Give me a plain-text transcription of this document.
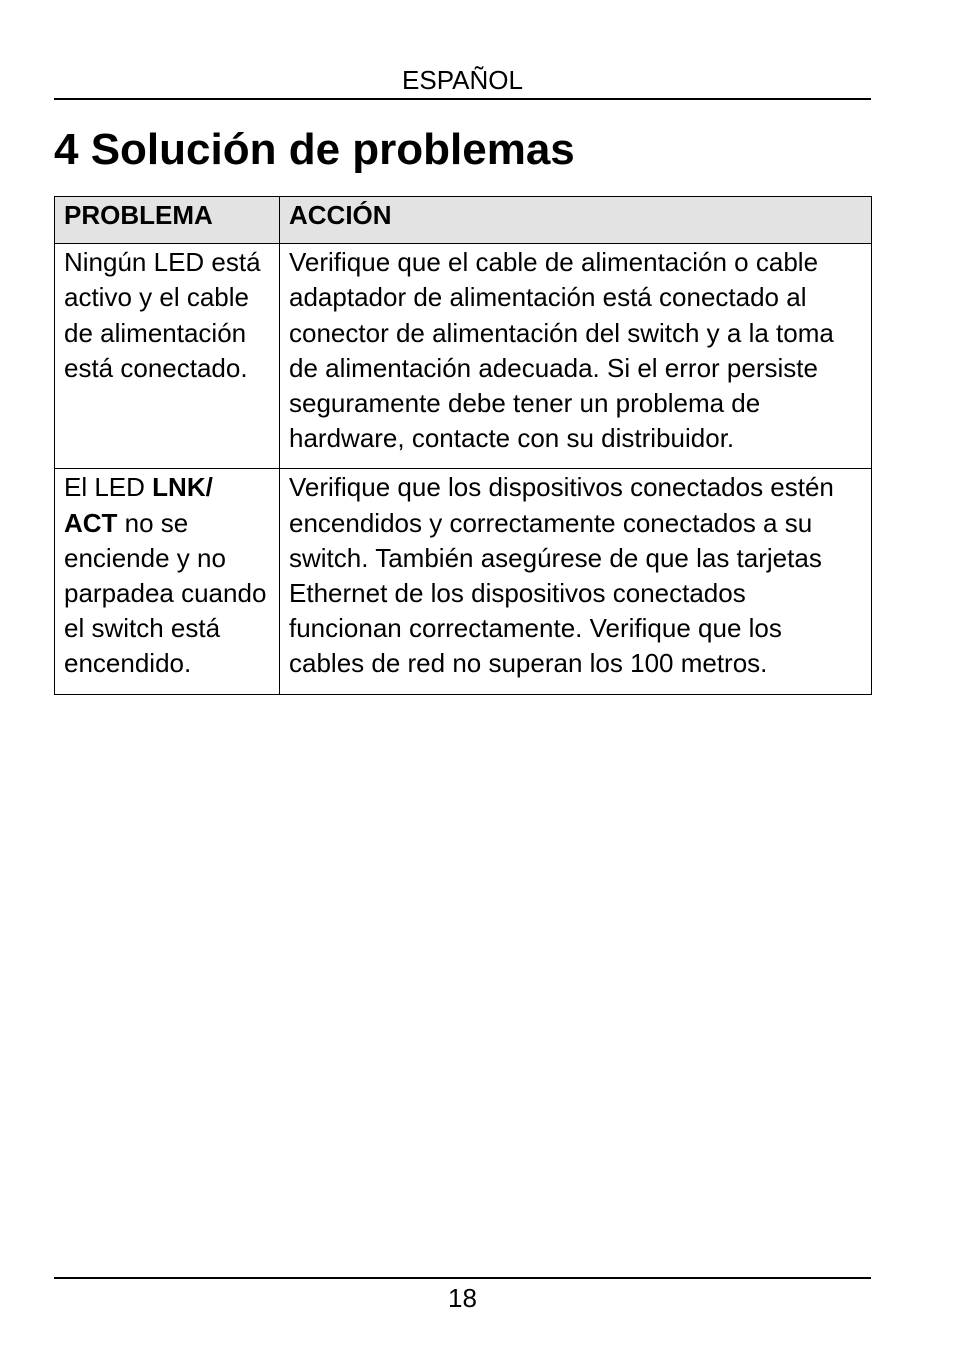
ESPAÑOL
4 Solución de problemas
PROBLEMA	ACCIÓN
Ningún LED está activo y el cable de alimentación está conectado.	Verifique que el cable de alimentación o cable adaptador de alimentación está conectado al conector de alimentación del switch y a la toma de alimentación adecuada. Si el error persiste seguramente debe tener un problema de hardware, contacte con su distribuidor.
El LED LNK/ ACT no se enciende y no parpadea cuando el switch está encendido.	Verifique que los dispositivos conectados estén encendidos y correctamente conectados a su switch. También asegúrese de que las tarjetas Ethernet de los dispositivos conectados funcionan correctamente. Verifique que los cables de red no superan los 100 metros.
18
